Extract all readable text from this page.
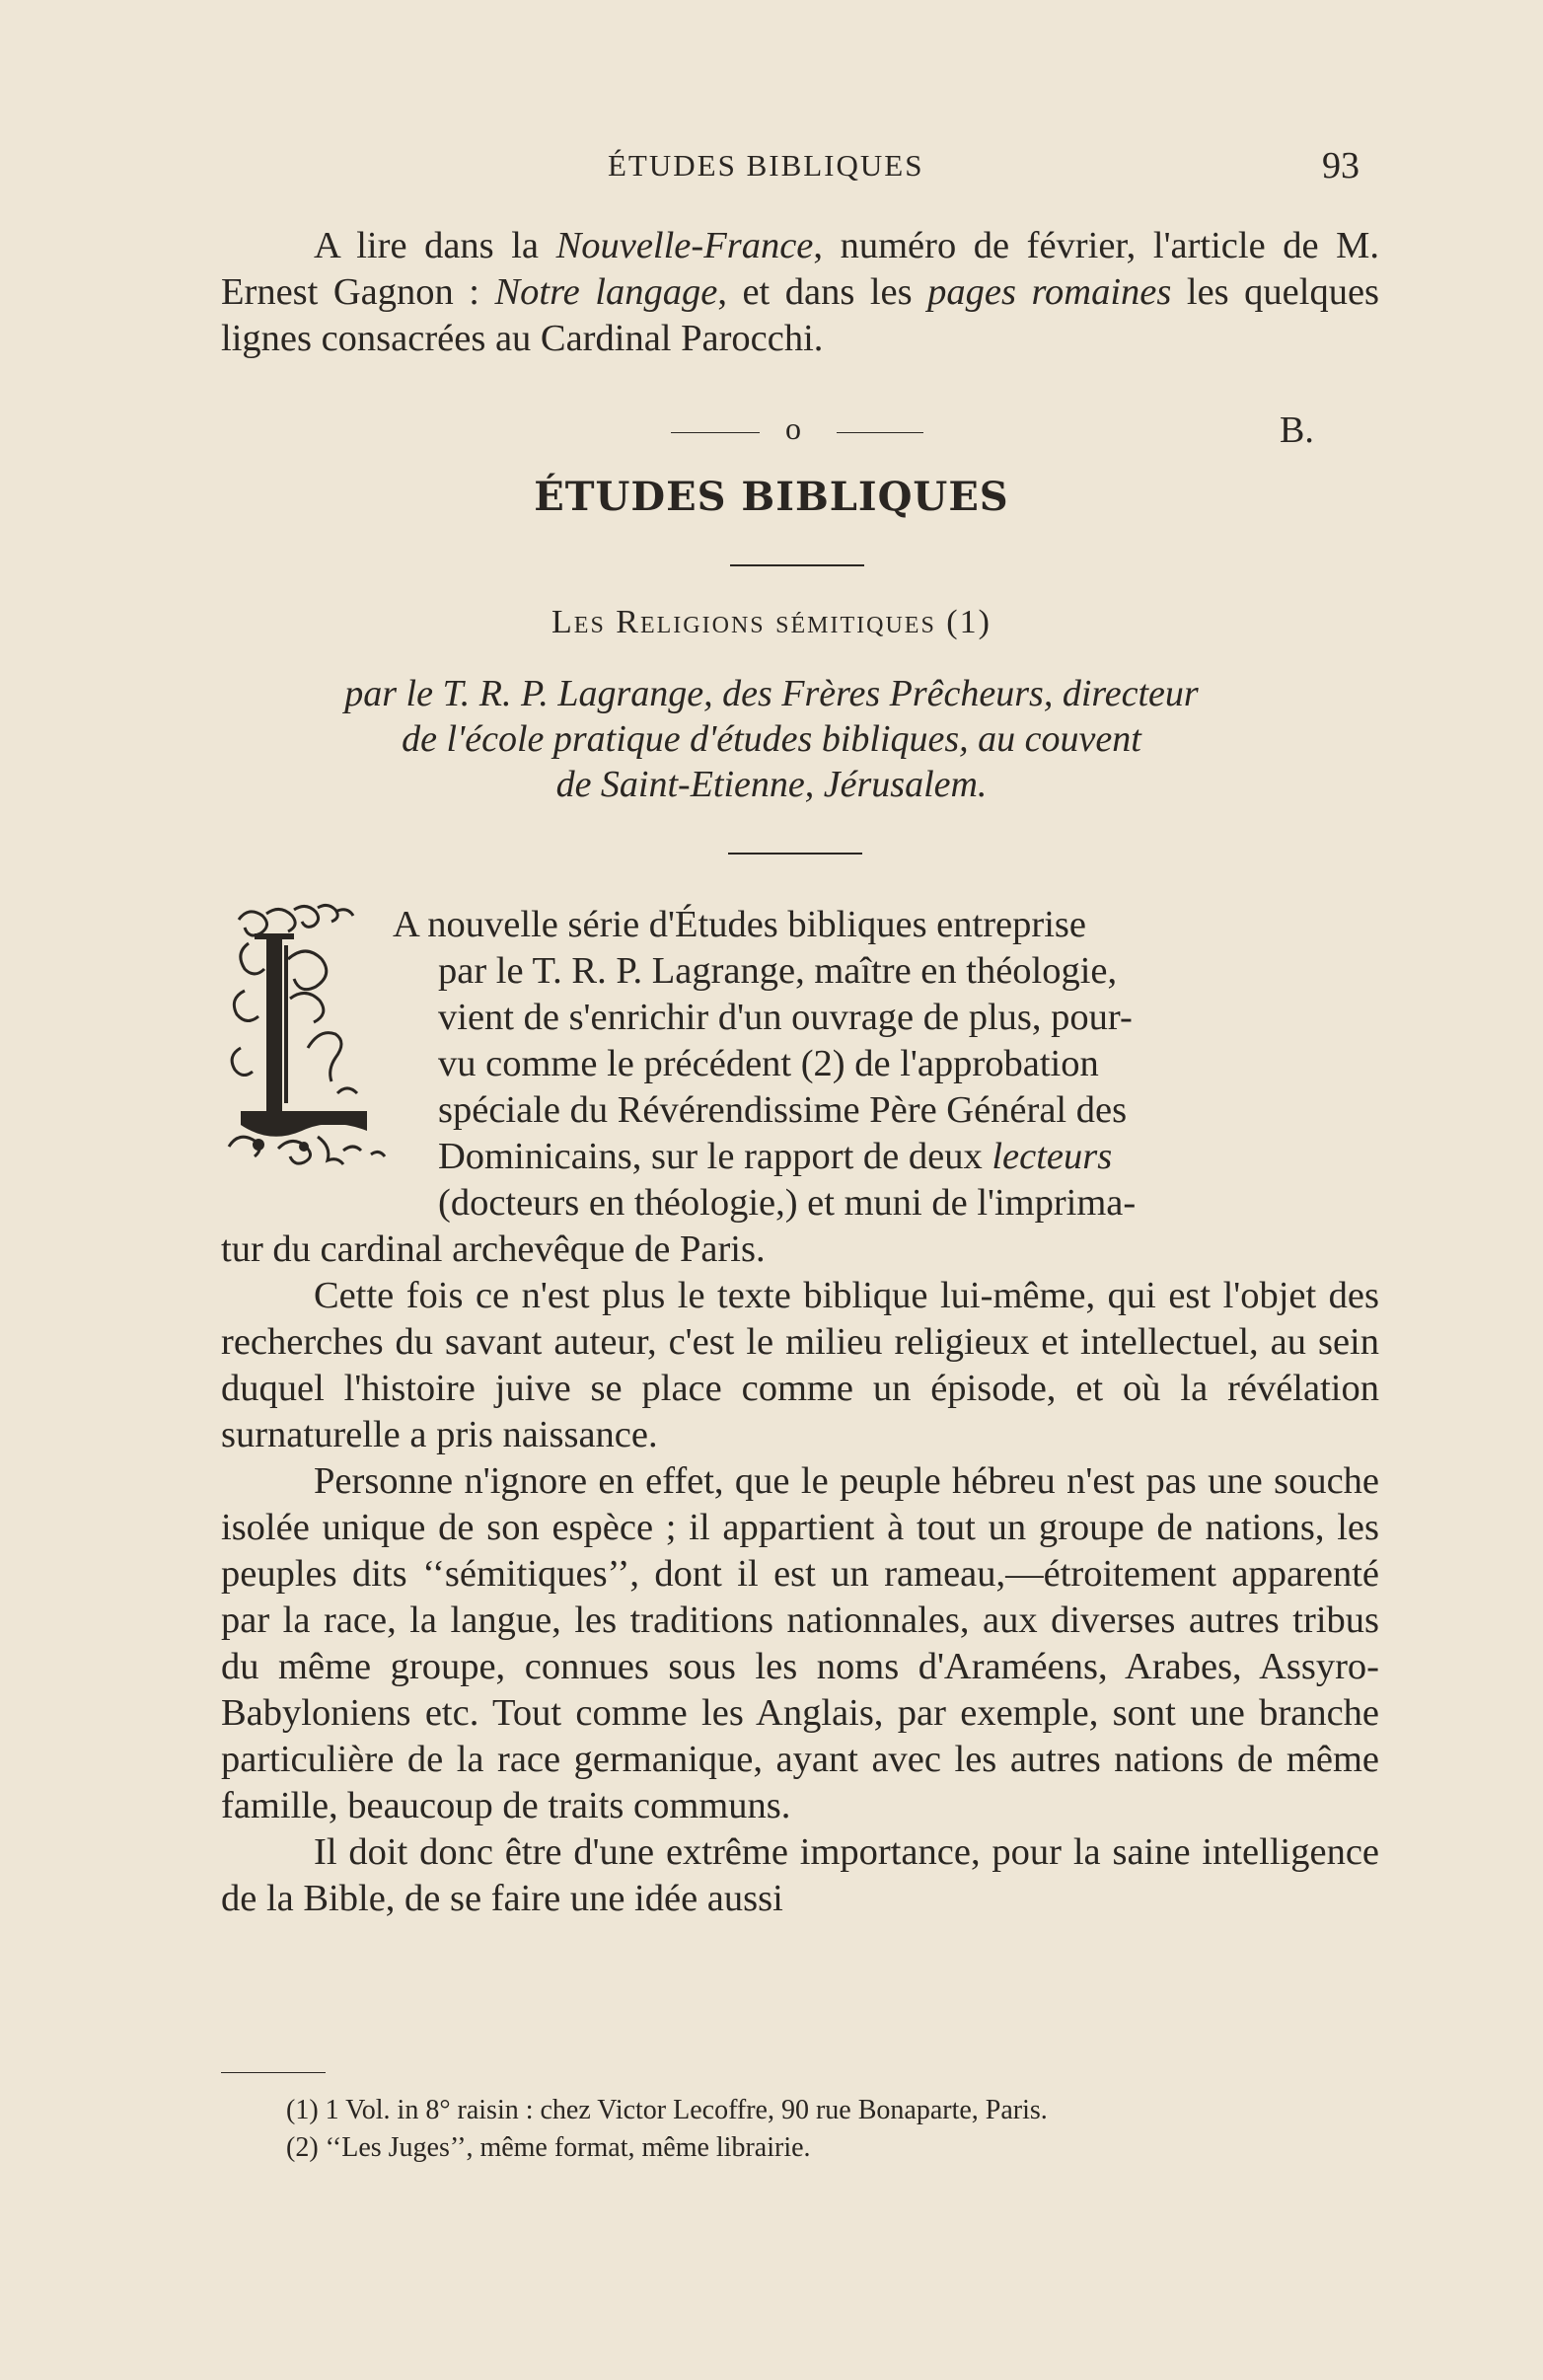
ÉTUDES BIBLIQUES	93

A lire dans la Nouvelle-France, numéro de février, l'article de M. Ernest Gagnon : Notre langage, et dans les pages romaines les quelques lignes consacrées au Cardinal Parocchi.

o	B.
ÉTUDES BIBLIQUES
Les Religions sémitiques (1)
par le T. R. P. Lagrange, des Frères Prêcheurs, directeur
de l'école pratique d'études bibliques, au couvent
de Saint-Etienne, Jérusalem.
A nouvelle série d'Études bibliques entreprise
par le T. R. P. Lagrange, maître en théologie,
vient de s'enrichir d'un ouvrage de plus, pour-
vu comme le précédent (2) de l'approbation
spéciale du Révérendissime Père Général des
Dominicains, sur le rapport de deux lecteurs
(docteurs en théologie,) et muni de l'imprima-

tur du cardinal archevêque de Paris.

Cette fois ce n'est plus le texte biblique lui-même, qui est l'objet des recherches du savant auteur, c'est le milieu religieux et intellectuel, au sein duquel l'histoire juive se place comme un épisode, et où la révélation surnaturelle a pris naissance.

Personne n'ignore en effet, que le peuple hébreu n'est pas une souche isolée unique de son espèce ; il appartient à tout un groupe de nations, les peuples dits ‘‘sémitiques’’, dont il est un rameau,—étroitement apparenté par la race, la langue, les traditions nationnales, aux diverses autres tribus du même groupe, connues sous les noms d'Araméens, Arabes, Assyro-Babyloniens etc. Tout comme les Anglais, par exemple, sont une branche particulière de la race germanique, ayant avec les autres nations de même famille, beaucoup de traits communs.

Il doit donc être d'une extrême importance, pour la saine intelligence de la Bible, de se faire une idée aussi

(1) 1 Vol. in 8° raisin : chez Victor Lecoffre, 90 rue Bonaparte, Paris.
(2) ‘‘Les Juges’’, même format, même librairie.
